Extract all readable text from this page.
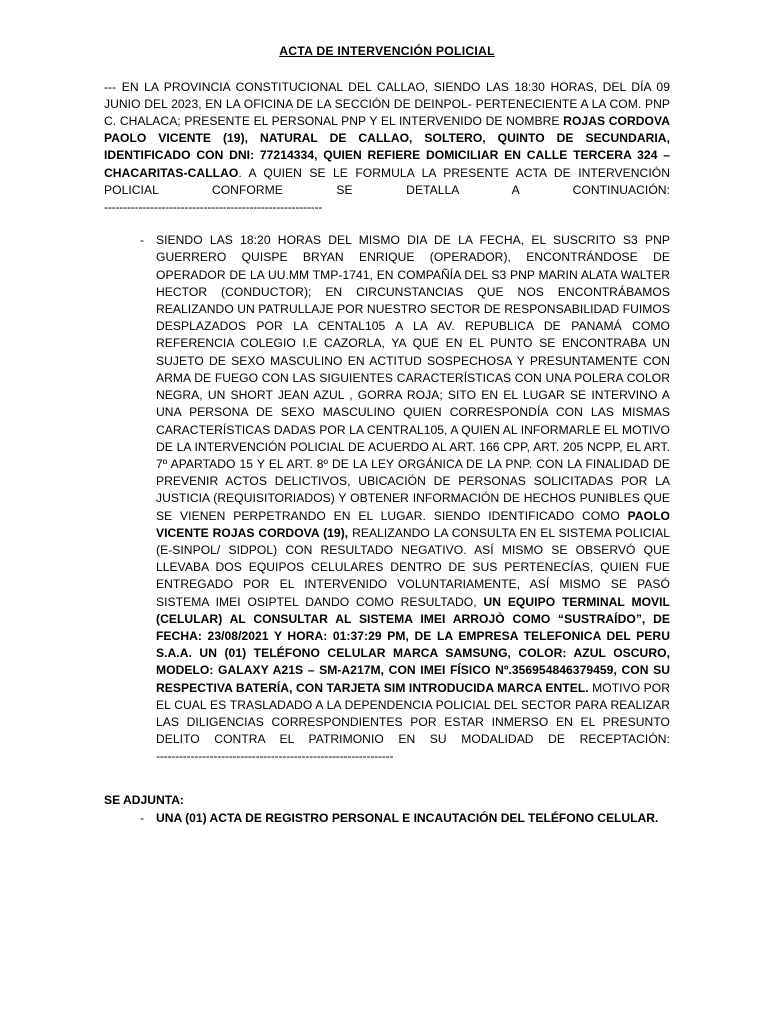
ACTA DE INTERVENCIÓN POLICIAL

--- EN LA PROVINCIA CONSTITUCIONAL DEL CALLAO, SIENDO LAS 18:30 HORAS, DEL DÍA 09 JUNIO DEL 2023, EN LA OFICINA DE LA SECCIÓN DE DEINPOL- PERTENECIENTE A LA COM. PNP C. CHALACA; PRESENTE EL PERSONAL PNP Y EL INTERVENIDO DE NOMBRE ROJAS CORDOVA PAOLO VICENTE (19), NATURAL DE CALLAO, SOLTERO, QUINTO DE SECUNDARIA, IDENTIFICADO CON DNI: 77214334, QUIEN REFIERE DOMICILIAR EN CALLE TERCERA 324 – CHACARITAS-CALLAO. A QUIEN SE LE FORMULA LA PRESENTE ACTA DE INTERVENCIÓN POLICIAL CONFORME SE DETALLA A CONTINUACIÓN:

---------------------------------------------------------
- SIENDO LAS 18:20 HORAS DEL MISMO DIA DE LA FECHA, EL SUSCRITO S3 PNP GUERRERO QUISPE BRYAN ENRIQUE (OPERADOR), ENCONTRÁNDOSE DE OPERADOR DE LA UU.MM TMP-1741, EN COMPAÑÍA DEL S3 PNP MARIN ALATA WALTER HECTOR (CONDUCTOR); EN CIRCUNSTANCIAS QUE NOS ENCONTRÁBAMOS REALIZANDO UN PATRULLAJE POR NUESTRO SECTOR DE RESPONSABILIDAD FUIMOS DESPLAZADOS POR LA CENTAL105 A LA AV. REPUBLICA DE PANAMÁ COMO REFERENCIA COLEGIO I.E CAZORLA, YA QUE EN EL PUNTO SE ENCONTRABA UN SUJETO DE SEXO MASCULINO EN ACTITUD SOSPECHOSA Y PRESUNTAMENTE CON ARMA DE FUEGO CON LAS SIGUIENTES CARACTERÍSTICAS CON UNA POLERA COLOR NEGRA, UN SHORT JEAN AZUL , GORRA ROJA; SITO EN EL LUGAR SE INTERVINO A UNA PERSONA DE SEXO MASCULINO QUIEN CORRESPONDÍA CON LAS MISMAS CARACTERÍSTICAS DADAS POR LA CENTRAL105, A QUIEN AL INFORMARLE EL MOTIVO DE LA INTERVENCIÓN POLICIAL DE ACUERDO AL ART. 166 CPP, ART. 205 NCPP, EL ART. 7º APARTADO 15 Y EL ART. 8º DE LA LEY ORGÁNICA DE LA PNP. CON LA FINALIDAD DE PREVENIR ACTOS DELICTIVOS, UBICACIÓN DE PERSONAS SOLICITADAS POR LA JUSTICIA (REQUISITORIADOS) Y OBTENER INFORMACIÓN DE HECHOS PUNIBLES QUE SE VIENEN PERPETRANDO EN EL LUGAR. SIENDO IDENTIFICADO COMO PAOLO VICENTE ROJAS CORDOVA (19), REALIZANDO LA CONSULTA EN EL SISTEMA POLICIAL (E-SINPOL/ SIDPOL) CON RESULTADO NEGATIVO. ASÍ MISMO SE OBSERVÓ QUE LLEVABA DOS EQUIPOS CELULARES DENTRO DE SUS PERTENECÍAS, QUIEN FUE ENTREGADO POR EL INTERVENIDO VOLUNTARIAMENTE, ASÍ MISMO SE PASÓ SISTEMA IMEI OSIPTEL DANDO COMO RESULTADO, UN EQUIPO TERMINAL MOVIL (CELULAR) AL CONSULTAR AL SISTEMA IMEI ARROJÒ COMO “SUSTRAÍDO”, DE FECHA: 23/08/2021 Y HORA: 01:37:29 PM, DE LA EMPRESA TELEFONICA DEL PERU S.A.A. UN (01) TELÉFONO CELULAR MARCA SAMSUNG, COLOR: AZUL OSCURO, MODELO: GALAXY A21S – SM-A217M, CON IMEI FÍSICO Nº.356954846379459, CON SU RESPECTIVA BATERÍA, CON TARJETA SIM INTRODUCIDA MARCA ENTEL. MOTIVO POR EL CUAL ES TRASLADADO A LA DEPENDENCIA POLICIAL DEL SECTOR PARA REALIZAR LAS DILIGENCIAS CORRESPONDIENTES POR ESTAR INMERSO EN EL PRESUNTO DELITO CONTRA EL PATRIMONIO EN SU MODALIDAD DE RECEPTACIÓN:
--------------------------------------------------------------
SE ADJUNTA:
- UNA (01) ACTA DE REGISTRO PERSONAL E INCAUTACIÓN DEL TELÉFONO CELULAR.
